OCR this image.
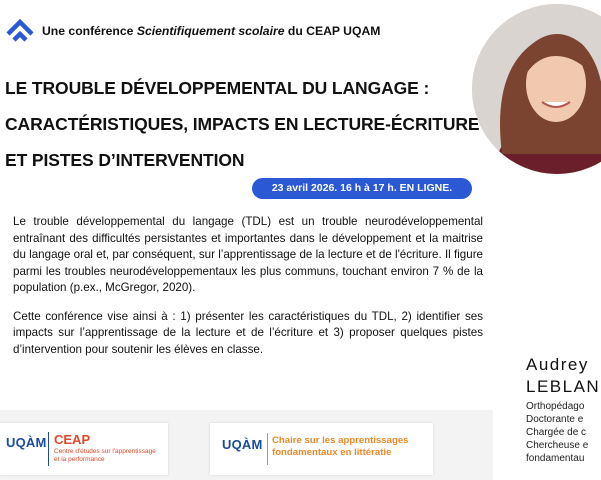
Une conférence Scientifiquement scolaire du CEAP UQAM
LE TROUBLE DÉVELOPPEMENTAL DU LANGAGE :
CARACTÉRISTIQUES, IMPACTS EN LECTURE-ÉCRITURE
ET PISTES D’INTERVENTION
23 avril 2026. 16 h à 17 h. EN LIGNE.

Le trouble développemental du langage (TDL) est un trouble neurodéveloppemental entraînant des difficultés persistantes et importantes dans le développement et la maitrise du langage oral et, par conséquent, sur l’apprentissage de la lecture et de l'écriture. Il figure parmi les troubles neurodéveloppementaux les plus communs, touchant environ 7 % de la population (p.ex., McGregor, 2020).

Cette conférence vise ainsi à : 1) présenter les caractéristiques du TDL, 2) identifier ses impacts sur l’apprentissage de la lecture et de l’écriture et 3) proposer quelques pistes d’intervention pour soutenir les élèves en classe.

Audrey
LEBLAN
Orthopédago
Doctorante e
Chargée de c
Chercheuse e
fondamentau
UQÀM CEAP
Centre d'études sur l'apprentissage
et la performance
UQÀM Chaire sur les apprentissages
fondamentaux en littératie
